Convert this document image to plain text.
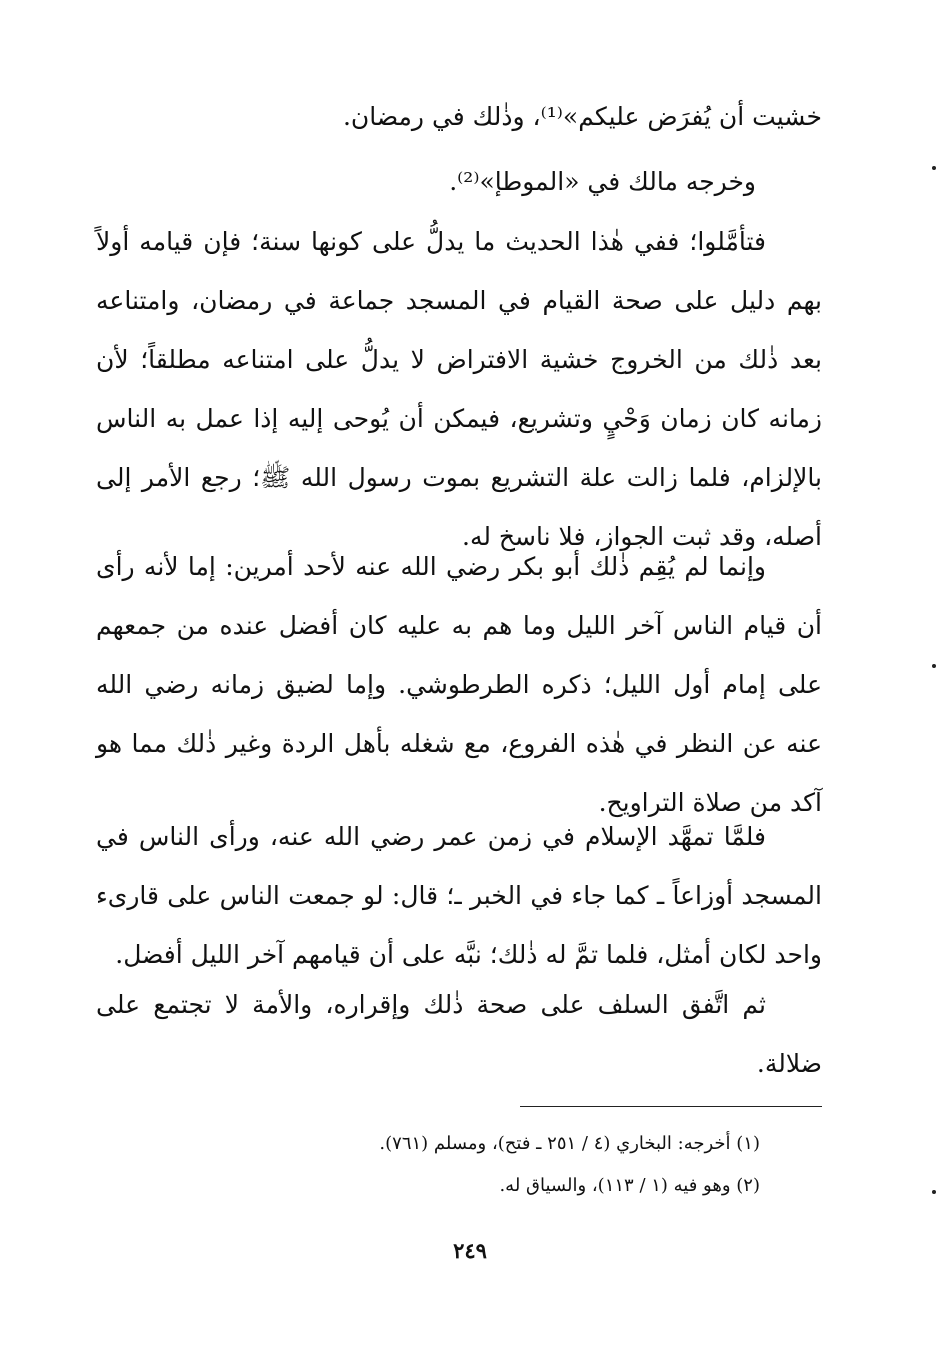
خشيت أن يُفرَض عليكم»⁽¹⁾، وذٰلك في رمضان.
وخرجه مالك في «الموطإ»⁽²⁾.

فتأمَّلوا؛ ففي هٰذا الحديث ما يدلُّ على كونها سنة؛ فإن قيامه أولاً بهم دليل على صحة القيام في المسجد جماعة في رمضان، وامتناعه بعد ذٰلك من الخروج خشية الافتراض لا يدلُّ على امتناعه مطلقاً؛ لأن زمانه كان زمان وَحْيٍ وتشريع، فيمكن أن يُوحى إليه إذا عمل به الناس بالإلزام، فلما زالت علة التشريع بموت رسول الله ﷺ؛ رجع الأمر إلى أصله، وقد ثبت الجواز، فلا ناسخ له.

وإنما لم يُقِم ذٰلك أبو بكر رضي الله عنه لأحد أمرين: إما لأنه رأى أن قيام الناس آخر الليل وما هم به عليه كان أفضل عنده من جمعهم على إمام أول الليل؛ ذكره الطرطوشي. وإما لضيق زمانه رضي الله عنه عن النظر في هٰذه الفروع، مع شغله بأهل الردة وغير ذٰلك مما هو آكد من صلاة التراويح.

فلمَّا تمهَّد الإسلام في زمن عمر رضي الله عنه، ورأى الناس في المسجد أوزاعاً ـ كما جاء في الخبر ـ؛ قال: لو جمعت الناس على قارىء واحد لكان أمثل، فلما تمَّ له ذٰلك؛ نبَّه على أن قيامهم آخر الليل أفضل.

ثم اتَّفق السلف على صحة ذٰلك وإقراره، والأمة لا تجتمع على ضلالة.

(١) أخرجه: البخاري (٤ / ٢٥١ ـ فتح)، ومسلم (٧٦١).
(٢) وهو فيه (١ / ١١٣)، والسياق له.
٢٤٩
